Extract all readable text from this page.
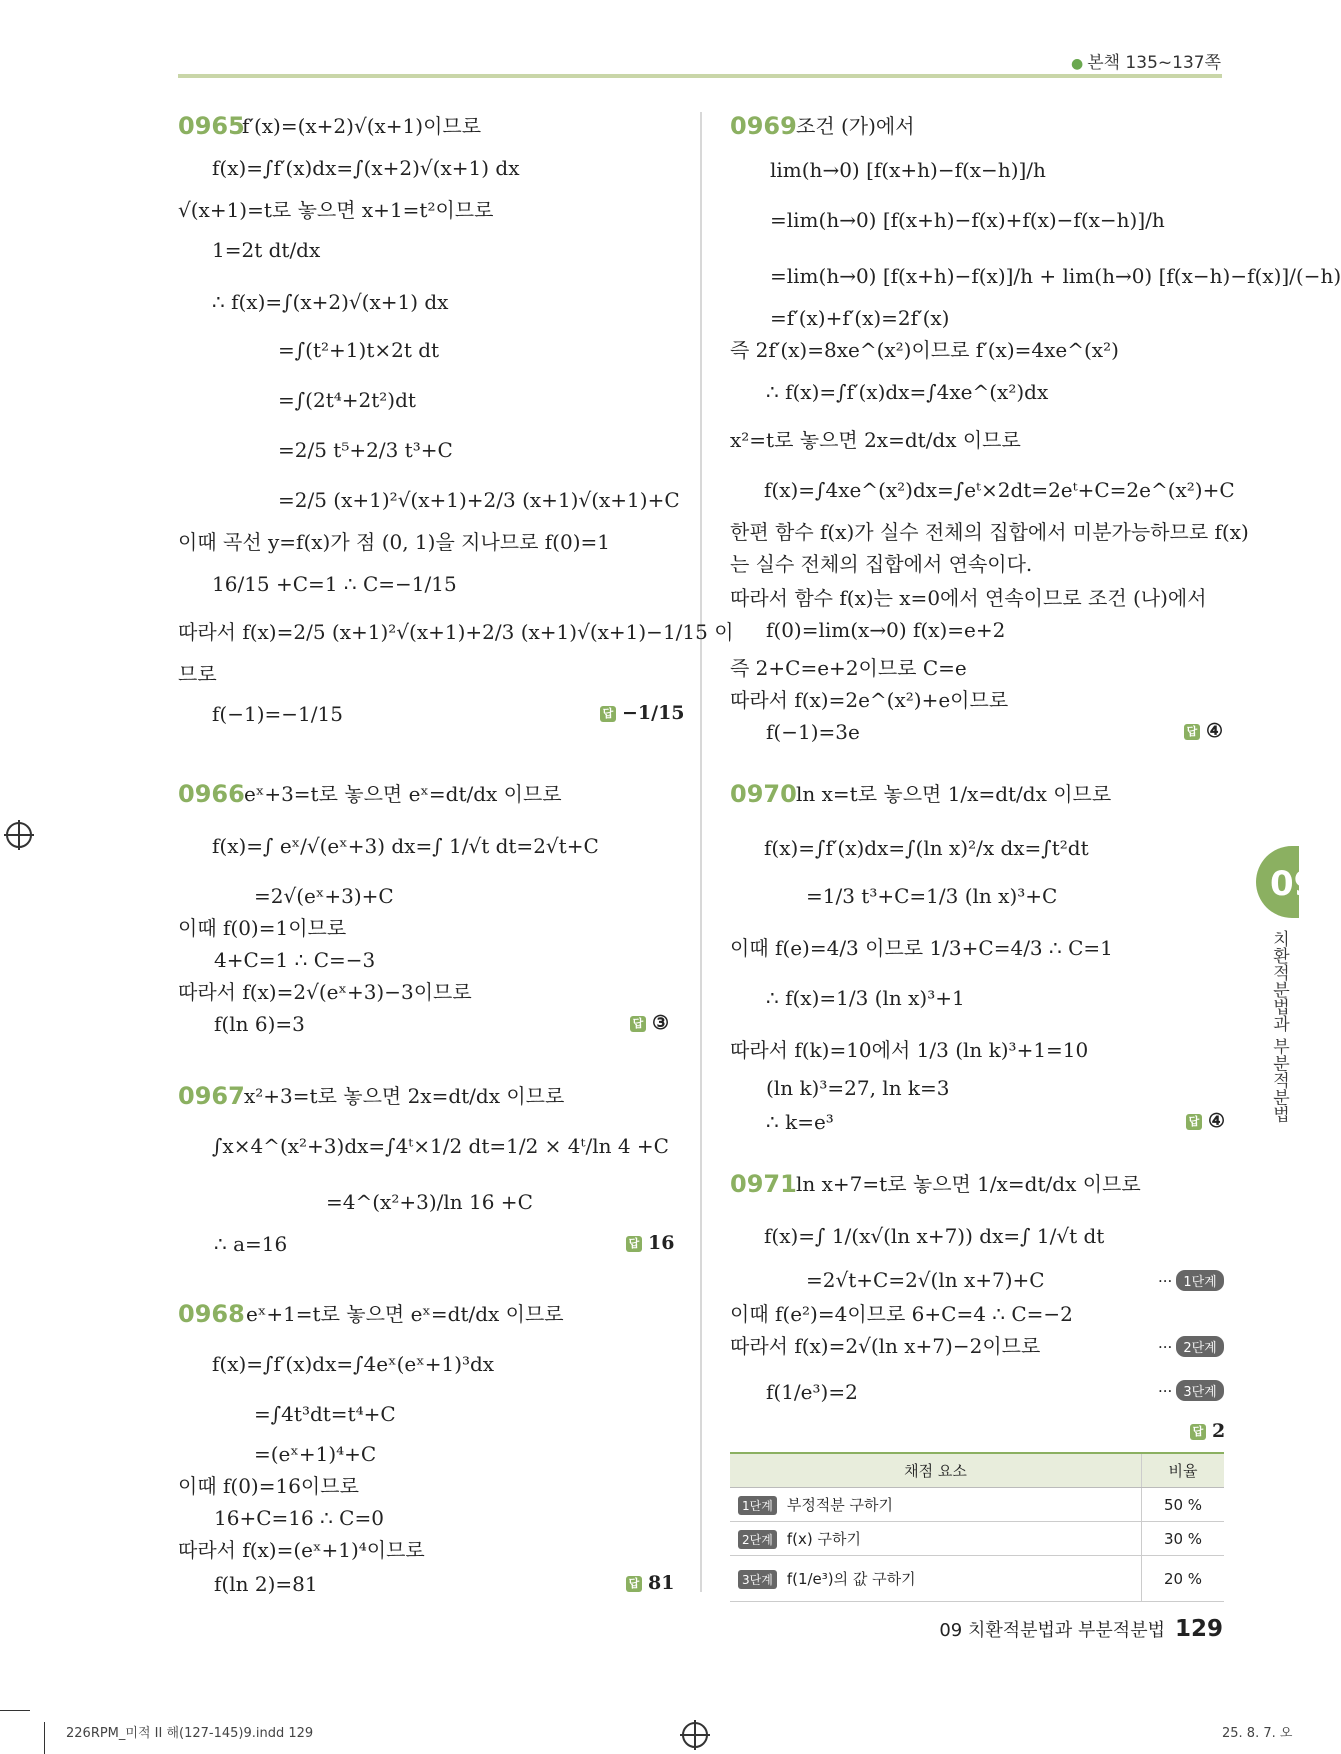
● 본책 135~137쪽
0965
f′(x)=(x+2)√(x+1)이므로
f(x)=∫f′(x)dx=∫(x+2)√(x+1) dx
√(x+1)=t로 놓으면 x+1=t²이므로
1=2t dt/dx
∴ f(x)=∫(x+2)√(x+1) dx
=∫(t²+1)t×2t dt
=∫(2t⁴+2t²)dt
=2/5 t⁵+2/3 t³+C
=2/5 (x+1)²√(x+1)+2/3 (x+1)√(x+1)+C
이때 곡선 y=f(x)가 점 (0, 1)을 지나므로 f(0)=1
16/15 +C=1 ∴ C=−1/15
따라서 f(x)=2/5 (x+1)²√(x+1)+2/3 (x+1)√(x+1)−1/15 이
므로
f(−1)=−1/15	답 −1/15
0966 eˣ+3=t로 놓으면 eˣ=dt/dx 이므로
f(x)=∫ eˣ/√(eˣ+3) dx=∫ 1/√t dt=2√t+C
=2√(eˣ+3)+C
이때 f(0)=1이므로
4+C=1 ∴ C=−3
따라서 f(x)=2√(eˣ+3)−3이므로
f(ln 6)=3	답 ③
0967 x²+3=t로 놓으면 2x=dt/dx 이므로
∫x×4^(x²+3)dx=∫4ᵗ×1/2 dt=1/2 × 4ᵗ/ln 4 +C
=4^(x²+3)/ln 16 +C
∴ a=16	답 16
0968 eˣ+1=t로 놓으면 eˣ=dt/dx 이므로
f(x)=∫f′(x)dx=∫4eˣ(eˣ+1)³dx
=∫4t³dt=t⁴+C
=(eˣ+1)⁴+C
이때 f(0)=16이므로
16+C=16 ∴ C=0
따라서 f(x)=(eˣ+1)⁴이므로
f(ln 2)=81	답 81
0969 조건 (가)에서
lim(h→0) [f(x+h)−f(x−h)]/h
=lim(h→0) [f(x+h)−f(x)+f(x)−f(x−h)]/h
=lim(h→0) [f(x+h)−f(x)]/h + lim(h→0) [f(x−h)−f(x)]/(−h)
=f′(x)+f′(x)=2f′(x)
즉 2f′(x)=8xe^(x²)이므로 f′(x)=4xe^(x²)
∴ f(x)=∫f′(x)dx=∫4xe^(x²)dx
x²=t로 놓으면 2x=dt/dx 이므로
f(x)=∫4xe^(x²)dx=∫eᵗ×2dt=2eᵗ+C=2e^(x²)+C
한편 함수 f(x)가 실수 전체의 집합에서 미분가능하므로 f(x)
는 실수 전체의 집합에서 연속이다.
따라서 함수 f(x)는 x=0에서 연속이므로 조건 (나)에서
f(0)=lim(x→0) f(x)=e+2
즉 2+C=e+2이므로 C=e
따라서 f(x)=2e^(x²)+e이므로
f(−1)=3e	답 ④
0970 ln x=t로 놓으면 1/x=dt/dx 이므로
f(x)=∫f′(x)dx=∫(ln x)²/x dx=∫t²dt
=1/3 t³+C=1/3 (ln x)³+C
이때 f(e)=4/3 이므로 1/3+C=4/3 ∴ C=1
∴ f(x)=1/3 (ln x)³+1
따라서 f(k)=10에서 1/3 (ln k)³+1=10
(ln k)³=27, ln k=3
∴ k=e³	답 ④
0971 ln x+7=t로 놓으면 1/x=dt/dx 이므로
f(x)=∫ 1/(x√(ln x+7)) dx=∫ 1/√t dt
=2√t+C=2√(ln x+7)+C
이때 f(e²)=4이므로 6+C=4 ∴ C=−2
따라서 f(x)=2√(ln x+7)−2이므로
f(1/e³)=2
··· 1단계
··· 2단계
··· 3단계
답 2
채점 요소	비율
1단계 부정적분 구하기	50 %
2단계 f(x) 구하기	30 %
3단계 f(1/e³)의 값 구하기	20 %
09
치환적분법과 부분적분법
09 치환적분법과 부분적분법 129
226RPM_미적 II 해(127-145)9.indd 129	25. 8. 7. 오
